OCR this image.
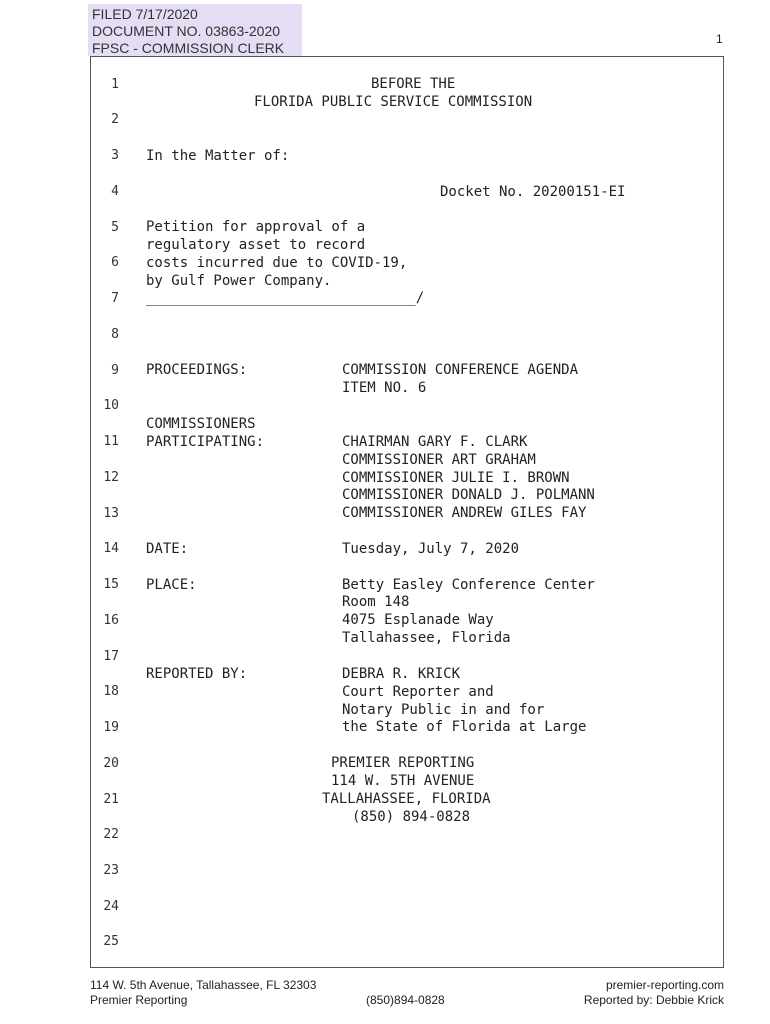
FILED 7/17/2020
DOCUMENT NO. 03863-2020
FPSC - COMMISSION CLERK
1
1
2
3
4
5
6
7
8
9
10
11
12
13
14
15
16
17
18
19
20
21
22
23
24
25
BEFORE THE
FLORIDA PUBLIC SERVICE COMMISSION
In the Matter of:
Docket No. 20200151-EI
Petition for approval of a
regulatory asset to record
costs incurred due to COVID-19,
by Gulf Power Company.
________________________________/
PROCEEDINGS:	COMMISSION CONFERENCE AGENDA
ITEM NO. 6
COMMISSIONERS
PARTICIPATING:	CHAIRMAN GARY F. CLARK
COMMISSIONER ART GRAHAM
COMMISSIONER JULIE I. BROWN
COMMISSIONER DONALD J. POLMANN
COMMISSIONER ANDREW GILES FAY
DATE:	Tuesday, July 7, 2020
PLACE:	Betty Easley Conference Center
Room 148
4075 Esplanade Way
Tallahassee, Florida
REPORTED BY:	DEBRA R. KRICK
Court Reporter and
Notary Public in and for
the State of Florida at Large
PREMIER REPORTING
114 W. 5TH AVENUE
TALLAHASSEE, FLORIDA
(850) 894-0828
114 W. 5th Avenue, Tallahassee, FL 32303
Premier Reporting	(850)894-0828
premier-reporting.com
Reported by: Debbie Krick
